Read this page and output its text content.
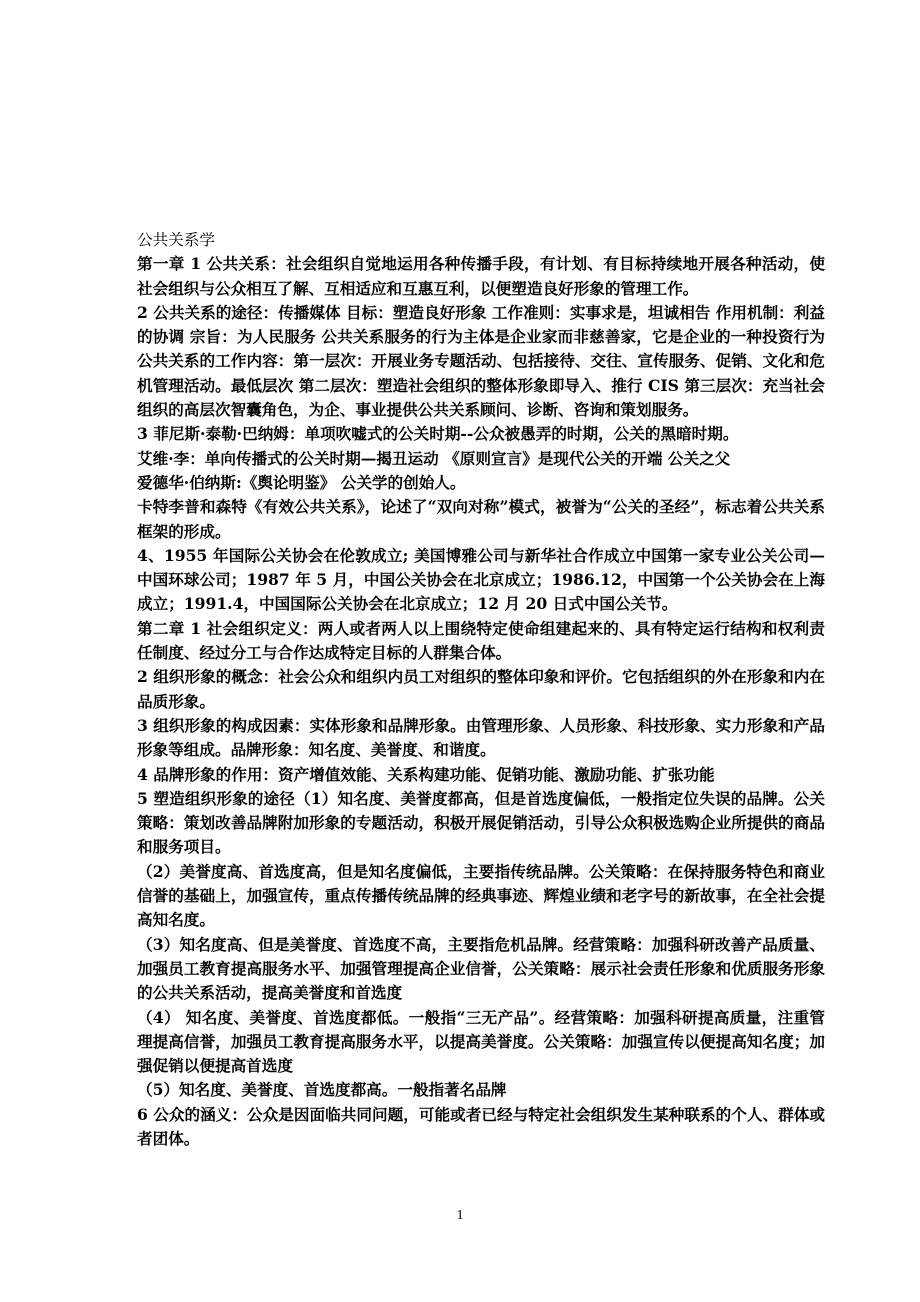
公共关系学

第一章 1 公共关系：社会组织自觉地运用各种传播手段，有计划、有目标持续地开展各种活动，使社会组织与公众相互了解、互相适应和互惠互利，以便塑造良好形象的管理工作。

2 公共关系的途径：传播媒体 目标：塑造良好形象 工作准则：实事求是，坦诚相告 作用机制：利益的协调 宗旨：为人民服务 公共关系服务的行为主体是企业家而非慈善家，它是企业的一种投资行为 公共关系的工作内容：第一层次：开展业务专题活动、包括接待、交往、宣传服务、促销、文化和危机管理活动。最低层次 第二层次：塑造社会组织的整体形象即导入、推行 CIS 第三层次：充当社会组织的高层次智囊角色，为企、事业提供公共关系顾问、诊断、咨询和策划服务。

3 菲尼斯·泰勒·巴纳姆：单项吹嘘式的公关时期--公众被愚弄的时期，公关的黑暗时期。

艾维·李：单向传播式的公关时期—揭丑运动 《原则宣言》是现代公关的开端 公关之父

爱德华·伯纳斯:《舆论明鉴》 公关学的创始人。

卡特李普和森特《有效公共关系》，论述了“双向对称”模式，被誉为“公关的圣经”，标志着公共关系框架的形成。

4、1955 年国际公关协会在伦敦成立; 美国博雅公司与新华社合作成立中国第一家专业公关公司—中国环球公司；1987 年 5 月，中国公关协会在北京成立；1986.12，中国第一个公关协会在上海成立；1991.4，中国国际公关协会在北京成立；12 月 20 日式中国公关节。

第二章 1 社会组织定义：两人或者两人以上围绕特定使命组建起来的、具有特定运行结构和权利责任制度、经过分工与合作达成特定目标的人群集合体。

2 组织形象的概念：社会公众和组织内员工对组织的整体印象和评价。它包括组织的外在形象和内在品质形象。

3 组织形象的构成因素：实体形象和品牌形象。由管理形象、人员形象、科技形象、实力形象和产品形象等组成。品牌形象：知名度、美誉度、和谐度。

4 品牌形象的作用：资产增值效能、关系构建功能、促销功能、激励功能、扩张功能

5 塑造组织形象的途径（1）知名度、美誉度都高，但是首选度偏低，一般指定位失误的品牌。公关策略：策划改善品牌附加形象的专题活动，积极开展促销活动，引导公众积极选购企业所提供的商品和服务项目。

（2）美誉度高、首选度高，但是知名度偏低，主要指传统品牌。公关策略：在保持服务特色和商业信誉的基础上，加强宣传，重点传播传统品牌的经典事迹、辉煌业绩和老字号的新故事，在全社会提高知名度。

（3）知名度高、但是美誉度、首选度不高，主要指危机品牌。经营策略：加强科研改善产品质量、加强员工教育提高服务水平、加强管理提高企业信誉，公关策略：展示社会责任形象和优质服务形象的公共关系活动，提高美誉度和首选度

（4） 知名度、美誉度、首选度都低。一般指“三无产品”。经营策略：加强科研提高质量，注重管理提高信誉，加强员工教育提高服务水平，以提高美誉度。公关策略：加强宣传以便提高知名度；加强促销以便提高首选度

（5）知名度、美誉度、首选度都高。一般指著名品牌

6 公众的涵义：公众是因面临共同问题，可能或者已经与特定社会组织发生某种联系的个人、群体或者团体。

1
